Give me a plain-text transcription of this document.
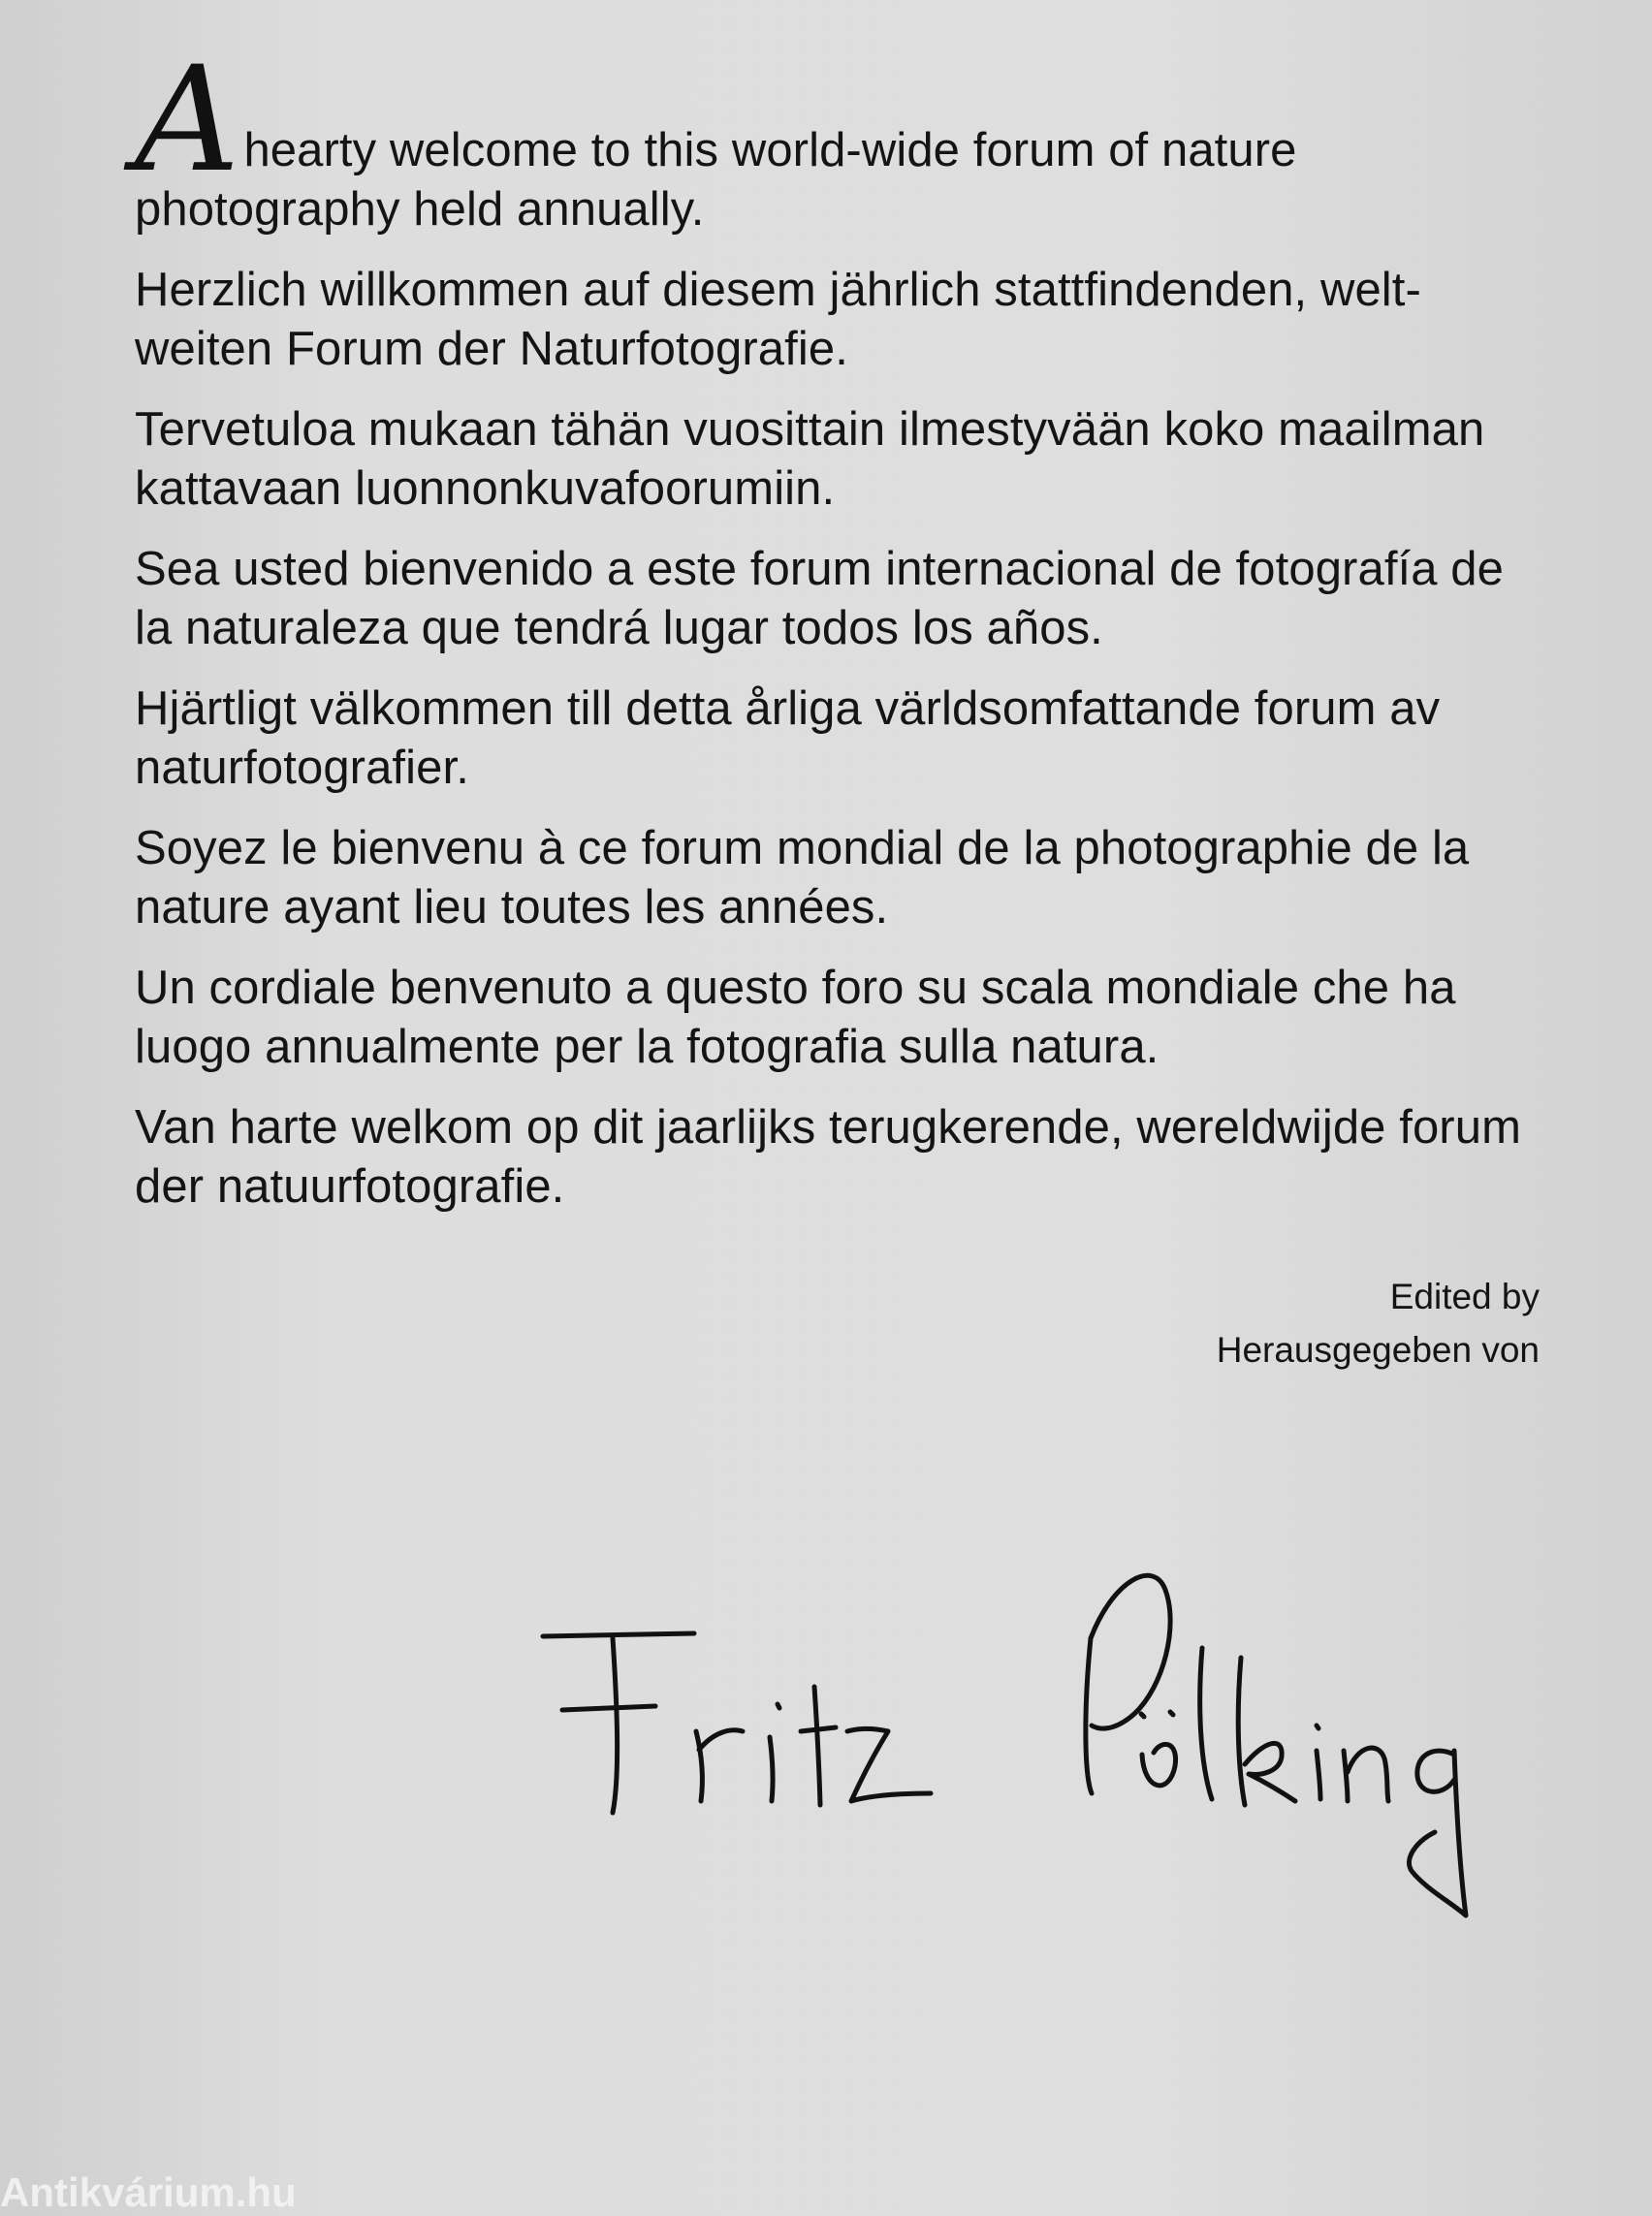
Ahearty welcome to this world-wide forum of nature photography held annually.

Herzlich willkommen auf diesem jährlich stattfindenden, welt-weiten Forum der Naturfotografie.

Tervetuloa mukaan tähän vuosittain ilmestyvään koko maailman kattavaan luonnonkuvafoorumiin.

Sea usted bienvenido a este forum internacional de fotografía de la naturaleza que tendrá lugar todos los años.

Hjärtligt välkommen till detta årliga världsomfattande forum av naturfotografier.

Soyez le bienvenu à ce forum mondial de la photographie de la nature ayant lieu toutes les années.

Un cordiale benvenuto a questo foro su scala mondiale che ha luogo annualmente per la fotografia sulla natura.

Van harte welkom op dit jaarlijks terugkerende, wereldwijde forum der natuurfotografie.

Edited by
Herausgegeben von
Antikvárium.hu
